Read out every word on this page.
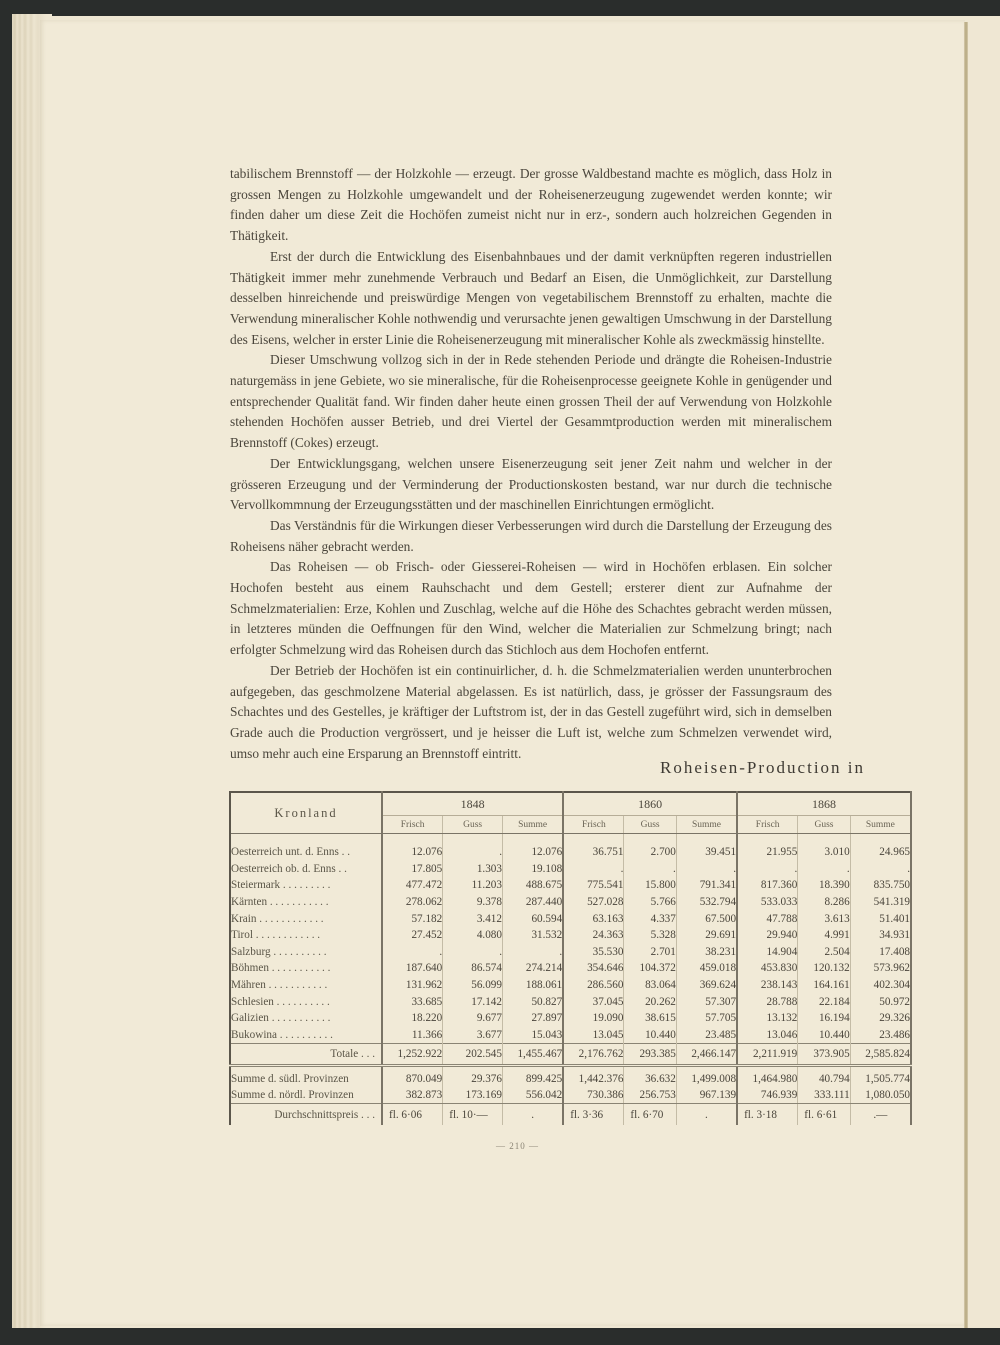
tabilischem Brennstoff — der Holzkohle — erzeugt. Der grosse Waldbestand machte es möglich, dass Holz in grossen Mengen zu Holzkohle umgewandelt und der Roheisenerzeugung zugewendet werden konnte; wir finden daher um diese Zeit die Hochöfen zumeist nicht nur in erz-, sondern auch holzreichen Gegenden in Thätigkeit.

Erst der durch die Entwicklung des Eisenbahnbaues und der damit verknüpften regeren industriellen Thätigkeit immer mehr zunehmende Verbrauch und Bedarf an Eisen, die Unmöglichkeit, zur Darstellung desselben hinreichende und preiswürdige Mengen von vegetabilischem Brennstoff zu erhalten, machte die Verwendung mineralischer Kohle nothwendig und verursachte jenen gewaltigen Umschwung in der Darstellung des Eisens, welcher in erster Linie die Roheisenerzeugung mit mineralischer Kohle als zweckmässig hinstellte.

Dieser Umschwung vollzog sich in der in Rede stehenden Periode und drängte die Roheisen-Industrie naturgemäss in jene Gebiete, wo sie mineralische, für die Roheisenprocesse geeignete Kohle in genügender und entsprechender Qualität fand. Wir finden daher heute einen grossen Theil der auf Verwendung von Holzkohle stehenden Hochöfen ausser Betrieb, und drei Viertel der Gesammtproduction werden mit mineralischem Brennstoff (Cokes) erzeugt.

Der Entwicklungsgang, welchen unsere Eisenerzeugung seit jener Zeit nahm und welcher in der grösseren Erzeugung und der Verminderung der Productionskosten bestand, war nur durch die technische Vervollkommnung der Erzeugungsstätten und der maschinellen Einrichtungen ermöglicht.

Das Verständnis für die Wirkungen dieser Verbesserungen wird durch die Darstellung der Erzeugung des Roheisens näher gebracht werden.

Das Roheisen — ob Frisch- oder Giesserei-Roheisen — wird in Hochöfen erblasen. Ein solcher Hochofen besteht aus einem Rauhschacht und dem Gestell; ersterer dient zur Aufnahme der Schmelzmaterialien: Erze, Kohlen und Zuschlag, welche auf die Höhe des Schachtes gebracht werden müssen, in letzteres münden die Oeffnungen für den Wind, welcher die Materialien zur Schmelzung bringt; nach erfolgter Schmelzung wird das Roheisen durch das Stichloch aus dem Hochofen entfernt.

Der Betrieb der Hochöfen ist ein continuirlicher, d. h. die Schmelzmaterialien werden ununterbrochen aufgegeben, das geschmolzene Material abgelassen. Es ist natürlich, dass, je grösser der Fassungsraum des Schachtes und des Gestelles, je kräftiger der Luftstrom ist, der in das Gestell zugeführt wird, sich in demselben Grade auch die Production vergrössert, und je heisser die Luft ist, welche zum Schmelzen verwendet wird, umso mehr auch eine Ersparung an Brennstoff eintritt.

Roheisen-Production in
Kronland	1848			1860			1868		
	Frisch	Guss	Summe	Frisch	Guss	Summe	Frisch	Guss	Summe

Oesterreich unt. d. Enns . .	12.076	.	12.076	36.751	2.700	39.451	21.955	3.010	24.965
Oesterreich ob. d. Enns . .	17.805	1.303	19.108	.	.	.	.	.	.
Steiermark . . . . . . . . .	477.472	11.203	488.675	775.541	15.800	791.341	817.360	18.390	835.750
Kärnten . . . . . . . . . . .	278.062	9.378	287.440	527.028	5.766	532.794	533.033	8.286	541.319
Krain . . . . . . . . . . . .	57.182	3.412	60.594	63.163	4.337	67.500	47.788	3.613	51.401
Tirol . . . . . . . . . . . .	27.452	4.080	31.532	24.363	5.328	29.691	29.940	4.991	34.931
Salzburg . . . . . . . . . .	.	.	.	35.530	2.701	38.231	14.904	2.504	17.408
Böhmen . . . . . . . . . . .	187.640	86.574	274.214	354.646	104.372	459.018	453.830	120.132	573.962
Mähren . . . . . . . . . . .	131.962	56.099	188.061	286.560	83.064	369.624	238.143	164.161	402.304
Schlesien . . . . . . . . . .	33.685	17.142	50.827	37.045	20.262	57.307	28.788	22.184	50.972
Galizien . . . . . . . . . . .	18.220	9.677	27.897	19.090	38.615	57.705	13.132	16.194	29.326
Bukowina . . . . . . . . . .	11.366	3.677	15.043	13.045	10.440	23.485	13.046	10.440	23.486
Totale . . .	1,252.922	202.545	1,455.467	2,176.762	293.385	2,466.147	2,211.919	373.905	2,585.824
Summe d. südl. Provinzen	870.049	29.376	899.425	1,442.376	36.632	1,499.008	1,464.980	40.794	1,505.774
Summe d. nördl. Provinzen	382.873	173.169	556.042	730.386	256.753	967.139	746.939	333.111	1,080.050
Durchschnittspreis . . .	fl. 6·06	fl. 10·—	.	fl. 3·36	fl. 6·70	.	fl. 3·18	fl. 6·61	.—
— 210 —
